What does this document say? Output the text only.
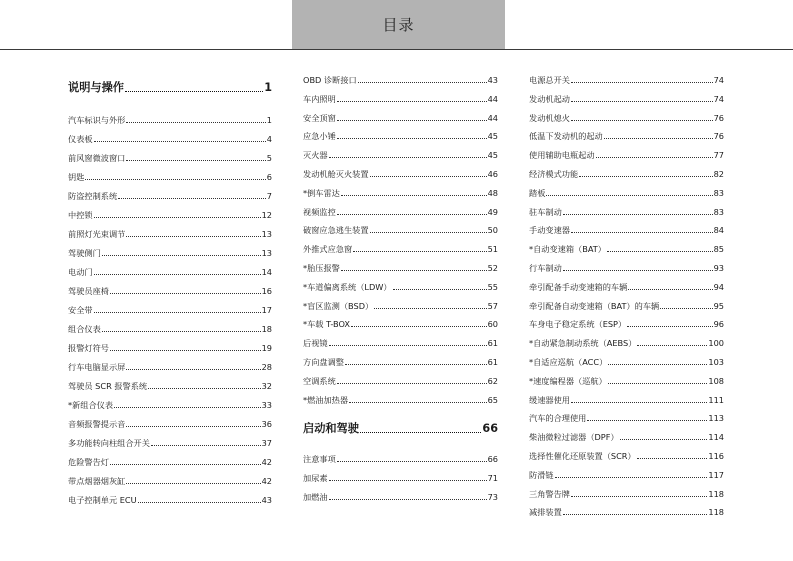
目录
说明与操作	1
汽车标识与外形	1
仪表板	4
前风窗微波窗口	5
钥匙	6
防盗控制系统	7
中控锁	12
前照灯光束调节	13
驾驶侧门	13
电动门	14
驾驶员座椅	16
安全带	17
组合仪表	18
报警灯符号	19
行车电脑显示屏	28
驾驶员 SCR 报警系统	32
*新组合仪表	33
音频报警提示音	36
多功能转向柱组合开关	37
危险警告灯	42
带点烟器烟灰缸	42
电子控制单元 ECU	43
OBD 诊断接口	43
车内照明	44
安全顶窗	44
应急小锤	45
灭火器	45
发动机舱灭火装置	46
*倒车雷达	48
视频监控	49
破窗应急逃生装置	50
外推式应急窗	51
*胎压报警	52
*车道偏离系统（LDW）	55
*盲区监测（BSD）	57
*车载 T-BOX	60
后视镜	61
方向盘调整	61
空调系统	62
*燃油加热器	65
启动和驾驶	66
注意事项	66
加尿素	71
加燃油	73
电源总开关	74
发动机起动	74
发动机熄火	76
低温下发动机的起动	76
使用辅助电瓶起动	77
经济模式功能	82
踏板	83
驻车制动	83
手动变速器	84
*自动变速箱（BAT）	85
行车制动	93
牵引配备手动变速箱的车辆	94
牵引配备自动变速箱（BAT）的车辆	95
车身电子稳定系统（ESP）	96
*自动紧急制动系统（AEBS）	100
*自适应巡航（ACC）	103
*速度编程器（巡航）	108
缓速器使用	111
汽车的合理使用	113
柴油微粒过滤器（DPF）	114
选择性催化还原装置（SCR）	116
防滑链	117
三角警告牌	118
减排装置	118
